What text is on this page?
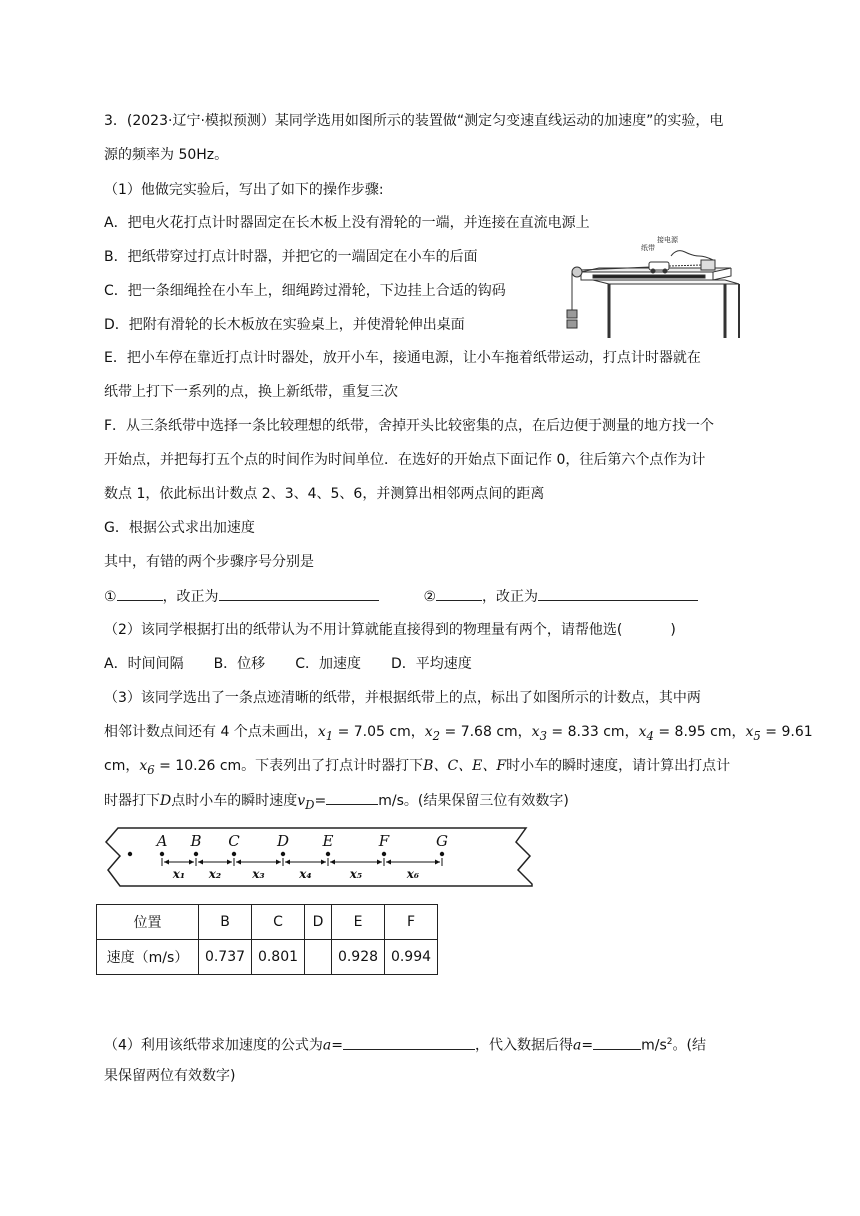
3．(2023·辽宁·模拟预测）某同学选用如图所示的装置做“测定匀变速直线运动的加速度”的实验，电
源的频率为 50Hz。
（1）他做完实验后，写出了如下的操作步骤:
A．把电火花打点计时器固定在长木板上没有滑轮的一端，并连接在直流电源上
B．把纸带穿过打点计时器，并把它的一端固定在小车的后面
C．把一条细绳拴在小车上，细绳跨过滑轮，下边挂上合适的钩码
D．把附有滑轮的长木板放在实验桌上，并使滑轮伸出桌面
接电源
纸带
E．把小车停在靠近打点计时器处，放开小车，接通电源，让小车拖着纸带运动，打点计时器就在
纸带上打下一系列的点，换上新纸带，重复三次
F．从三条纸带中选择一条比较理想的纸带，舍掉开头比较密集的点，在后边便于测量的地方找一个
开始点，并把每打五个点的时间作为时间单位．在选好的开始点下面记作 0，往后第六个点作为计
数点 1，依此标出计数点 2、3、4、5、6，并测算出相邻两点间的距离
G．根据公式求出加速度
其中，有错的两个步骤序号分别是
①	，改正为	②	，改正为
（2）该同学根据打出的纸带认为不用计算就能直接得到的物理量有两个，请帮他选(	)
A．时间间隔 B．位移 C．加速度 D．平均速度
（3）该同学选出了一条点迹清晰的纸带，并根据纸带上的点，标出了如图所示的计数点，其中两
相邻计数点间还有 4 个点未画出，$x_1 = 7.05$ cm，$x_2 = 7.68$ cm，$x_3 = 8.33$ cm，$x_4 = 8.95$ cm，$x_5 = 9.61$
cm，$x_6 = 10.26$ cm。下表列出了打点计时器打下B、C、E、F时小车的瞬时速度，请计算出打点计
时器打下D点时小车的瞬时速度$v_D=$	m/s。(结果保留三位有效数字)
A B C D E	F	G
x₁ x₂	x₃	x₄	x₅	x₆
位置	B	C	D	E	F
速度（m/s）	0.737	0.801		0.928	0.994
（4）利用该纸带求加速度的公式为a=	，代入数据后得a=	$m/s^2$。(结
果保留两位有效数字)
